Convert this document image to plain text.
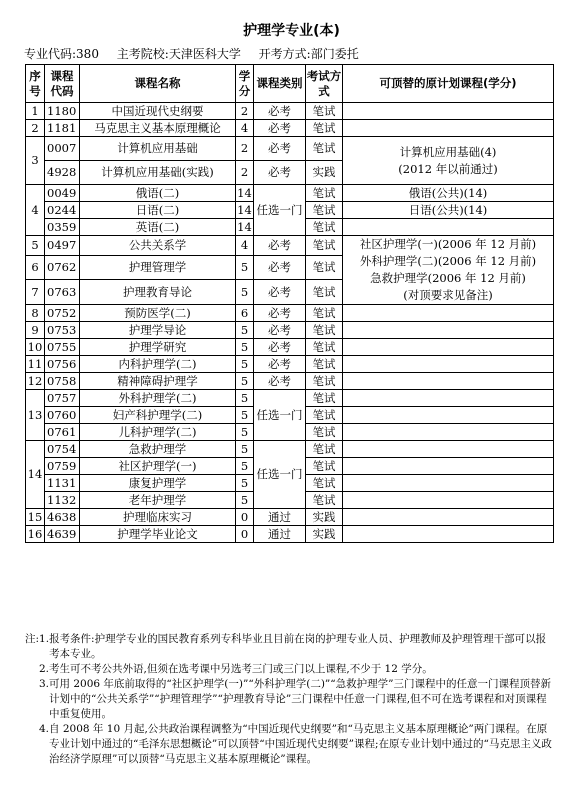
护理学专业(本)
专业代码:380 主考院校:天津医科大学 开考方式:部门委托
序号	课程代码	课程名称	学分	课程类别	考试方式	可顶替的原计划课程(学分)
1	1180	中国近现代史纲要	2	必考	笔试	
2	1181	马克思主义基本原理概论	4	必考	笔试	
3	0007	计算机应用基础	2	必考	笔试	计算机应用基础(4)
(2012 年以前通过)

	4928	计算机应用基础(实践)	2	必考	实践	
4	0049	俄语(二)	14	任选一门	笔试	俄语(公共)(14)
	0244	日语(二)	14		笔试	日语(公共)(14)
	0359	英语(二)	14		笔试	
5	0497	公共关系学	4	必考	笔试	社区护理学(一)(2006 年 12 月前)
外科护理学(二)(2006 年 12 月前)
急救护理学(2006 年 12 月前)
(对顶要求见备注)

6	0762	护理管理学	5	必考	笔试	
7	0763	护理教育导论	5	必考	笔试	
8	0752	预防医学(二)	6	必考	笔试	
9	0753	护理学导论	5	必考	笔试	
10	0755	护理学研究	5	必考	笔试	
11	0756	内科护理学(二)	5	必考	笔试	
12	0758	精神障碍护理学	5	必考	笔试	
13	0757	外科护理学(二)	5	任选一门	笔试	
	0760	妇产科护理学(二)	5		笔试	
	0761	儿科护理学(二)	5		笔试	
14	0754	急救护理学	5	任选一门	笔试	
	0759	社区护理学(一)	5		笔试	
	1131	康复护理学	5		笔试	
	1132	老年护理学	5		笔试	
15	4638	护理临床实习	0	通过	实践	
16	4639	护理学毕业论文	0	通过	实践	
注:1. 报考条件:护理学专业的国民教育系列专科毕业且目前在岗的护理专业人员、护理教师及护理管理干部可以报考本专业。
2. 考生可不考公共外语,但须在选考课中另选考三门或三门以上课程,不少于 12 学分。
3. 可用 2006 年底前取得的“社区护理学(一)”“外科护理学(二)”“急救护理学”三门课程中的任意一门课程顶替新计划中的“公共关系学”“护理管理学”“护理教育导论”三门课程中任意一门课程,但不可在选考课程和对顶课程中重复使用。
4. 自 2008 年 10 月起,公共政治课程调整为“中国近现代史纲要”和“马克思主义基本原理概论”两门课程。在原专业计划中通过的“毛泽东思想概论”可以顶替“中国近现代史纲要”课程;在原专业计划中通过的“马克思主义政治经济学原理”可以顶替“马克思主义基本原理概论”课程。
